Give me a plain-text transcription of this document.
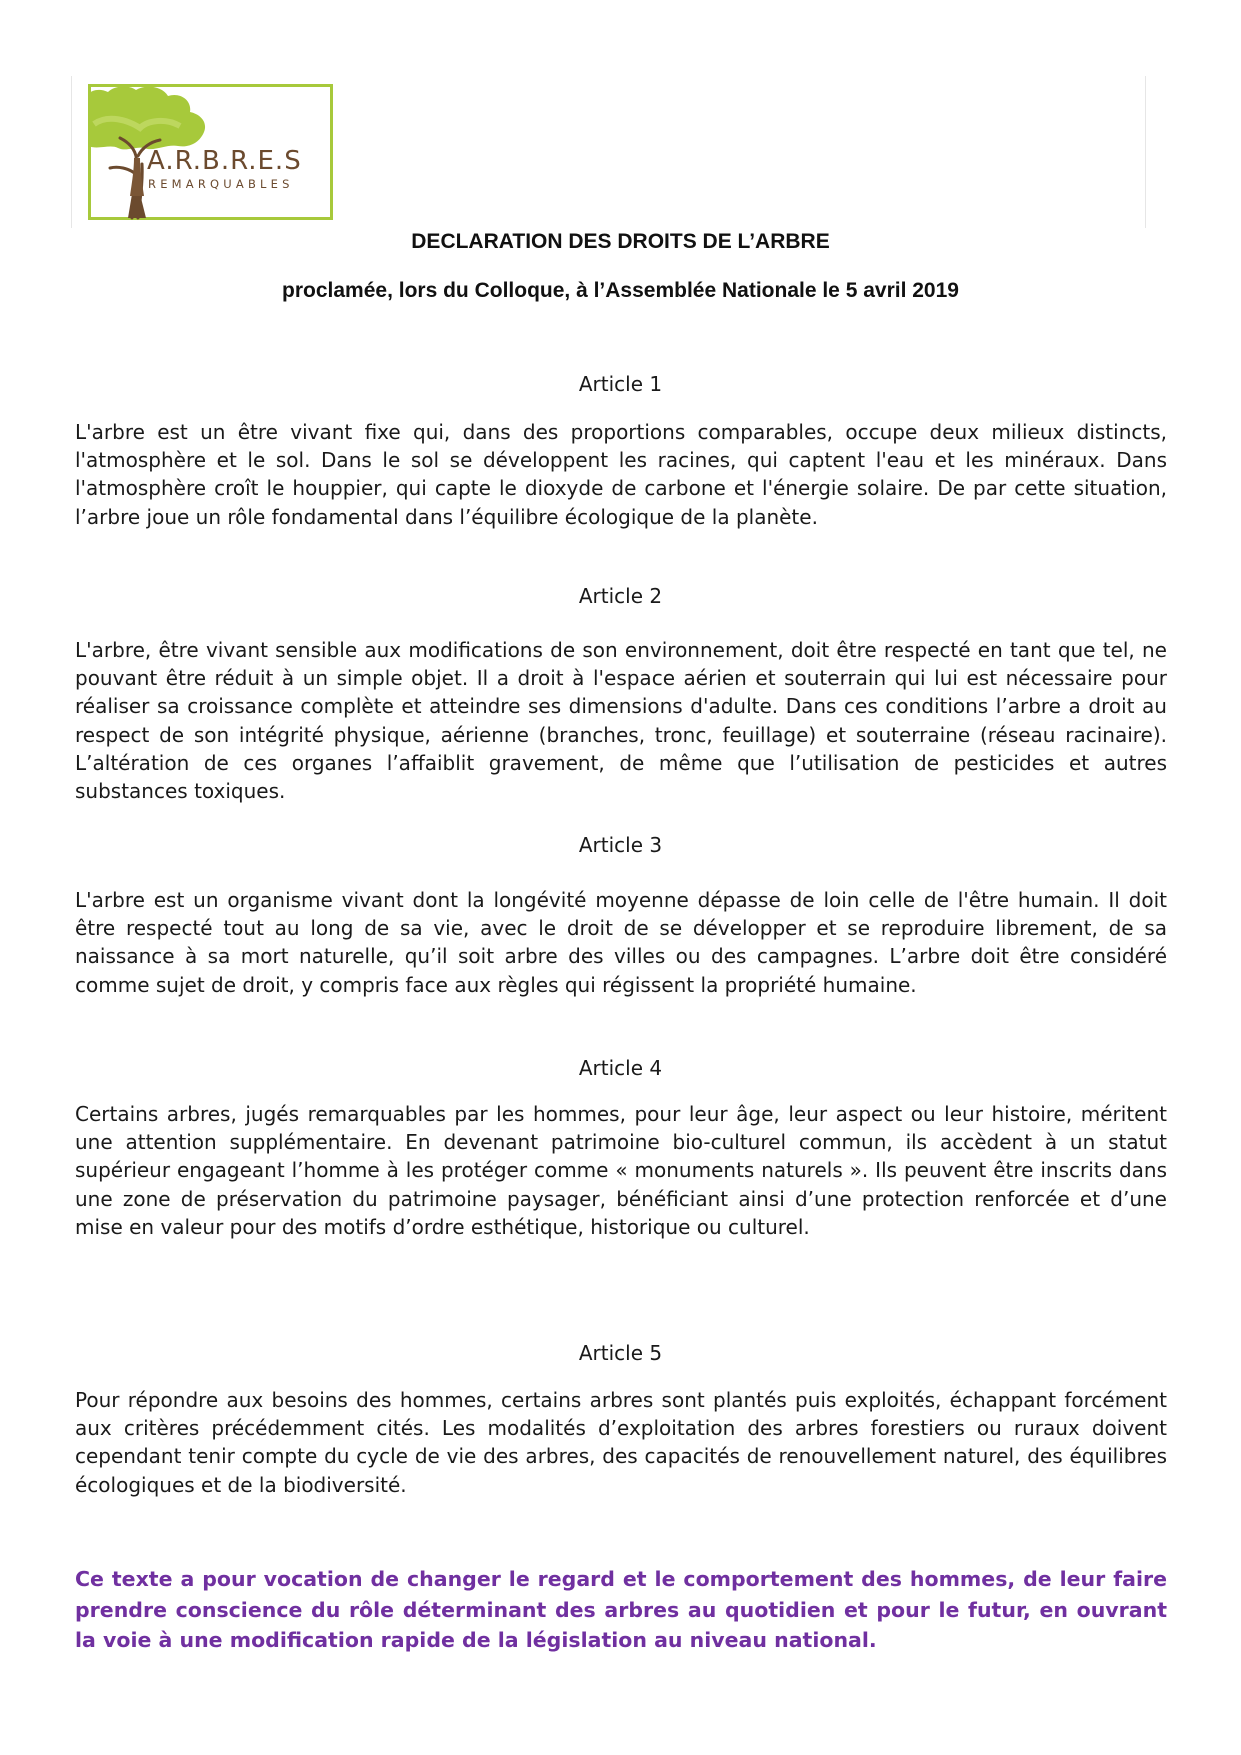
A.R.B.R.E.S
REMARQUABLES
DECLARATION DES DROITS DE L’ARBRE
proclamée, lors du Colloque, à l’Assemblée Nationale le 5 avril 2019
Article 1
L'arbre est un être vivant fixe qui, dans des proportions comparables, occupe deux milieux distincts, l'atmosphère et le sol. Dans le sol se développent les racines, qui captent l'eau et les minéraux. Dans l'atmosphère croît le houppier, qui capte le dioxyde de carbone et l'énergie solaire. De par cette situation, l’arbre joue un rôle fondamental dans l’équilibre écologique de la planète.
Article 2
L'arbre, être vivant sensible aux modifications de son environnement, doit être respecté en tant que tel, ne pouvant être réduit à un simple objet. Il a droit à l'espace aérien et souterrain qui lui est nécessaire pour réaliser sa croissance complète et atteindre ses dimensions d'adulte. Dans ces conditions l’arbre a droit au respect de son intégrité physique, aérienne (branches, tronc, feuillage) et souterraine (réseau racinaire). L’altération de ces organes l’affaiblit gravement, de même que l’utilisation de pesticides et autres substances toxiques.
Article 3
L'arbre est un organisme vivant dont la longévité moyenne dépasse de loin celle de l'être humain. Il doit être respecté tout au long de sa vie, avec le droit de se développer et se reproduire librement, de sa naissance à sa mort naturelle, qu’il soit arbre des villes ou des campagnes. L’arbre doit être considéré comme sujet de droit, y compris face aux règles qui régissent la propriété humaine.
Article 4
Certains arbres, jugés remarquables par les hommes, pour leur âge, leur aspect ou leur histoire, méritent une attention supplémentaire. En devenant patrimoine bio-culturel commun, ils accèdent à un statut supérieur engageant l’homme à les protéger comme « monuments naturels ». Ils peuvent être inscrits dans une zone de préservation du patrimoine paysager, bénéficiant ainsi d’une protection renforcée et d’une mise en valeur pour des motifs d’ordre esthétique, historique ou culturel.
Article 5
Pour répondre aux besoins des hommes, certains arbres sont plantés puis exploités, échappant forcément aux critères précédemment cités. Les modalités d’exploitation des arbres forestiers ou ruraux doivent cependant tenir compte du cycle de vie des arbres, des capacités de renouvellement naturel, des équilibres écologiques et de la biodiversité.
Ce texte a pour vocation de changer le regard et le comportement des hommes, de leur faire prendre conscience du rôle déterminant des arbres au quotidien et pour le futur, en ouvrant la voie à une modification rapide de la législation au niveau national.
